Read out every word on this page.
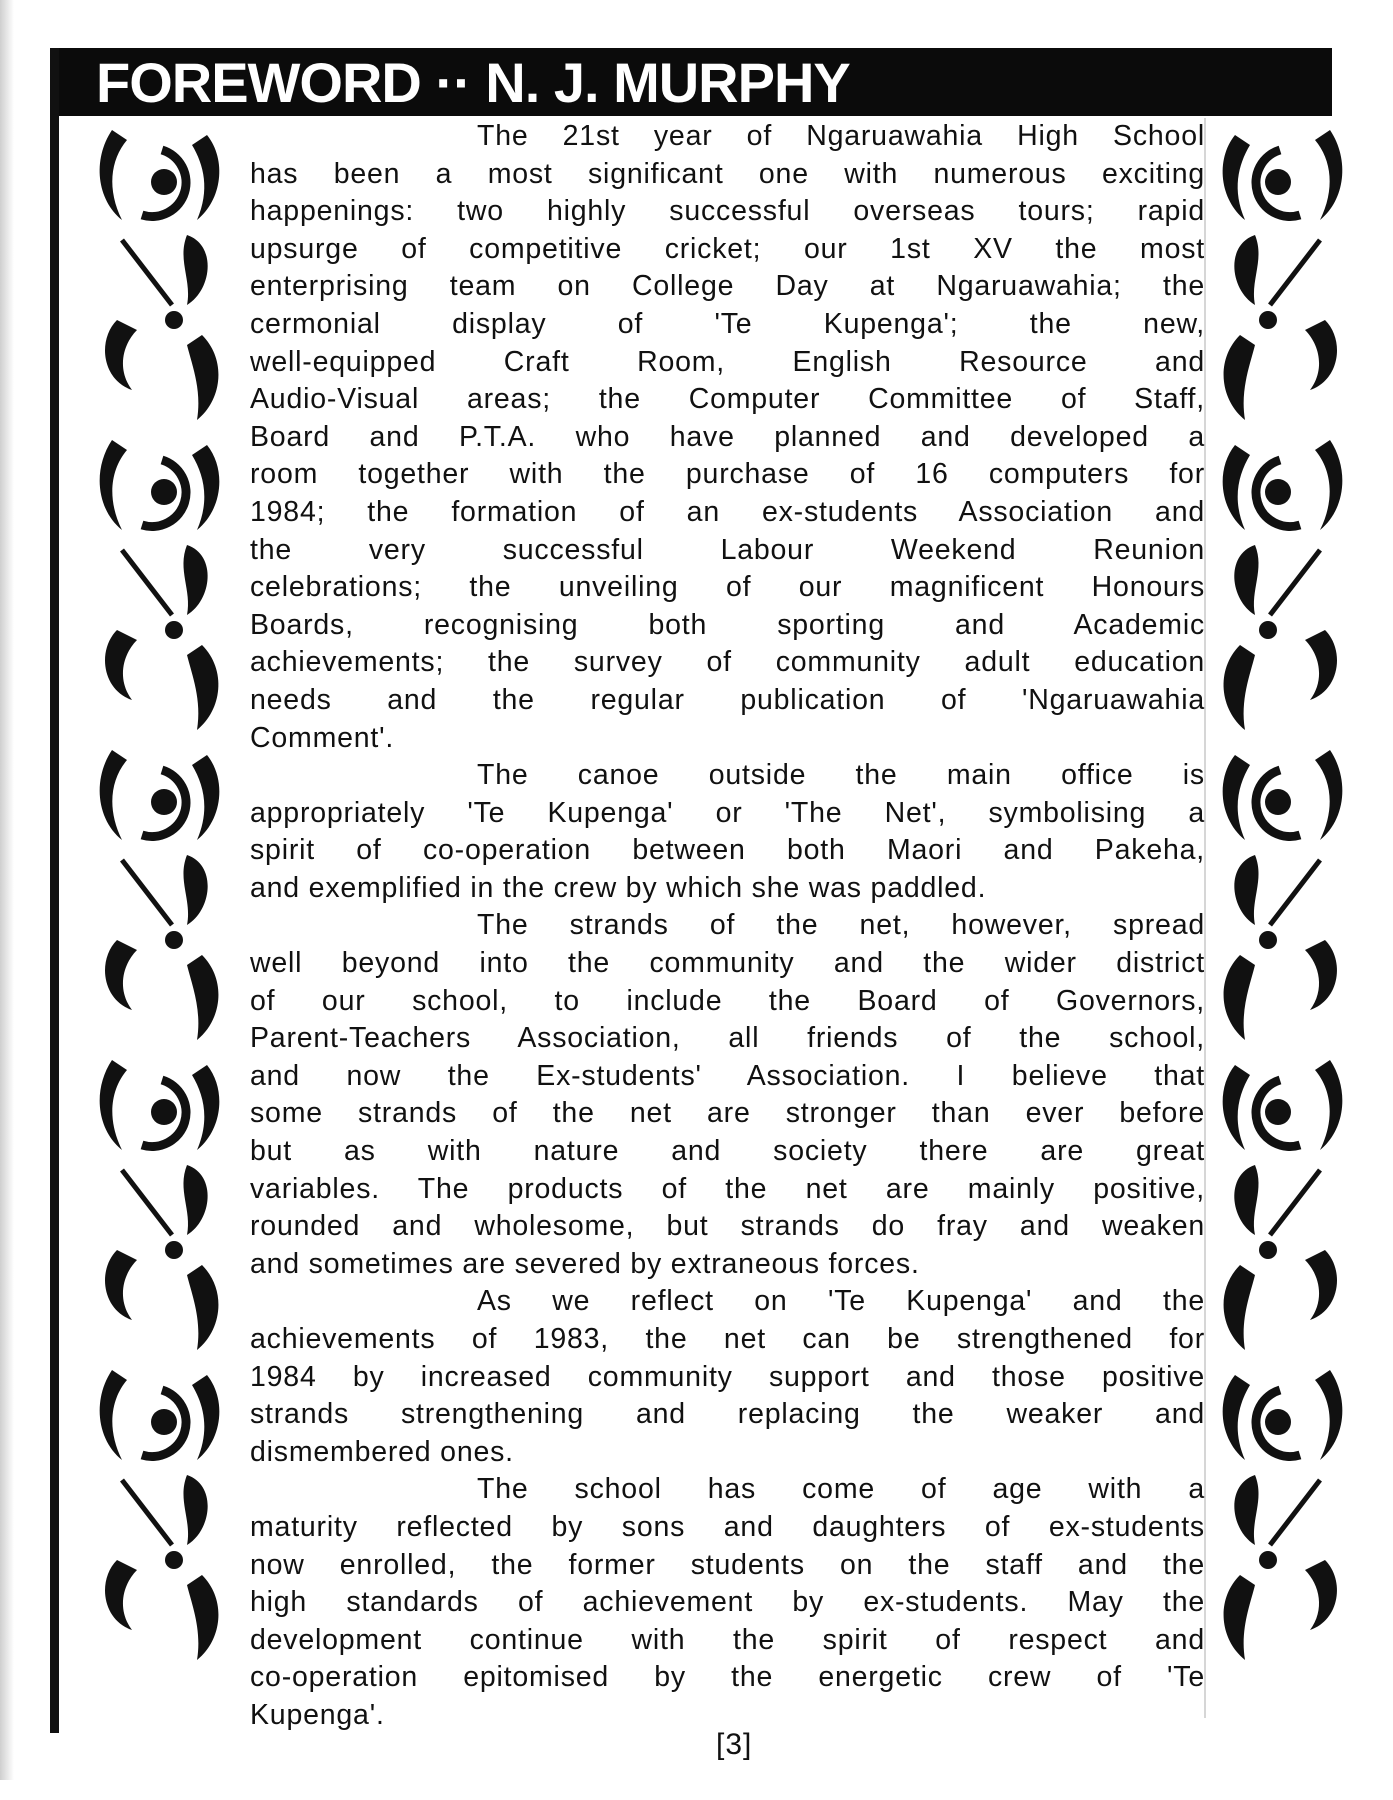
FOREWORD ·· N. J. MURPHY
The 21st year of Ngaruawahia High School
has been a most significant one with numerous exciting
happenings: two highly successful overseas tours; rapid
upsurge of competitive cricket; our 1st XV the most
enterprising team on College Day at Ngaruawahia; the
cermonial display of 'Te Kupenga'; the new,
well-equipped Craft Room, English Resource and
Audio-Visual areas; the Computer Committee of Staff,
Board and P.T.A. who have planned and developed a
room together with the purchase of 16 computers for
1984; the formation of an ex-students Association and
the very successful Labour Weekend Reunion
celebrations; the unveiling of our magnificent Honours
Boards, recognising both sporting and Academic
achievements; the survey of community adult education
needs and the regular publication of 'Ngaruawahia
Comment'.
The canoe outside the main office is
appropriately 'Te Kupenga' or 'The Net', symbolising a
spirit of co-operation between both Maori and Pakeha,
and exemplified in the crew by which she was paddled.
The strands of the net, however, spread
well beyond into the community and the wider district
of our school, to include the Board of Governors,
Parent-Teachers Association, all friends of the school,
and now the Ex-students' Association. I believe that
some strands of the net are stronger than ever before
but as with nature and society there are great
variables. The products of the net are mainly positive,
rounded and wholesome, but strands do fray and weaken
and sometimes are severed by extraneous forces.
As we reflect on 'Te Kupenga' and the
achievements of 1983, the net can be strengthened for
1984 by increased community support and those positive
strands strengthening and replacing the weaker and
dismembered ones.
The school has come of age with a
maturity reflected by sons and daughters of ex-students
now enrolled, the former students on the staff and the
high standards of achievement by ex-students. May the
development continue with the spirit of respect and
co-operation epitomised by the energetic crew of 'Te
Kupenga'.
[3]
